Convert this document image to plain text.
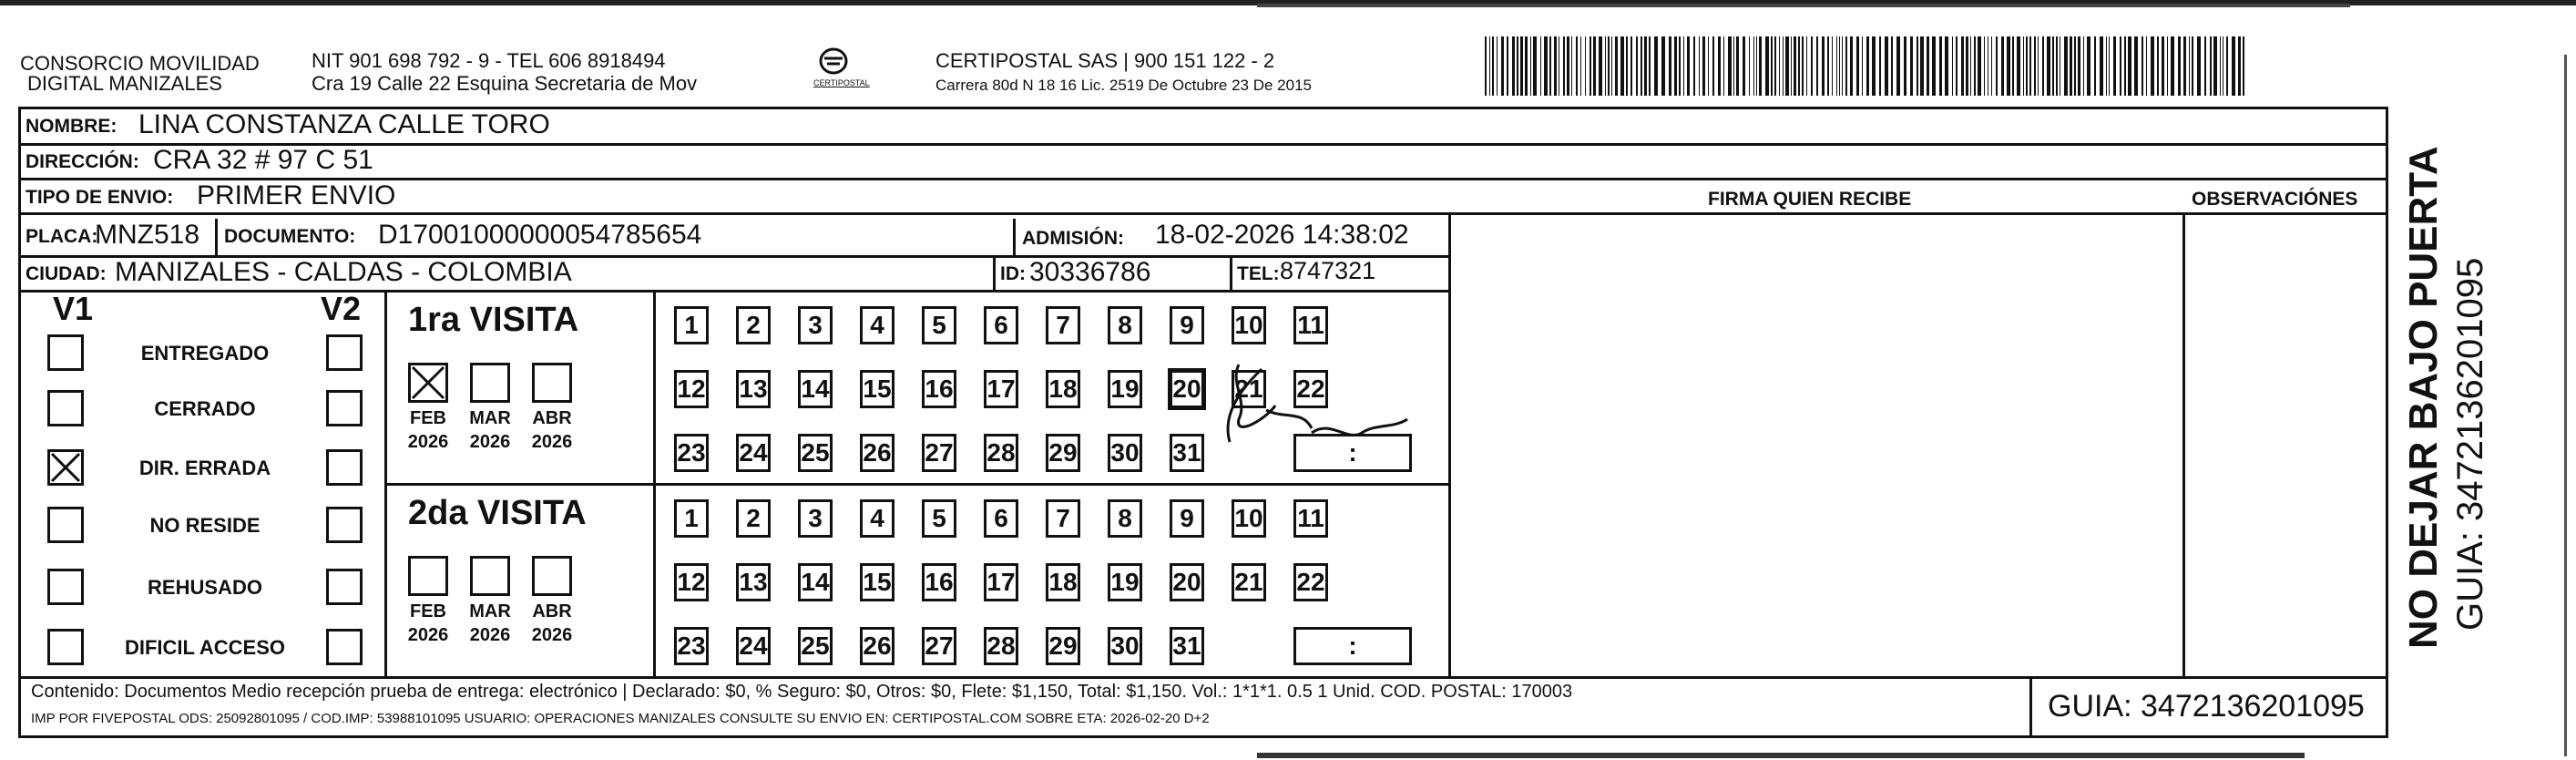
CONSORCIO MOVILIDAD
DIGITAL MANIZALES
NIT 901 698 792 - 9 - TEL 606 8918494
Cra 19 Calle 22 Esquina Secretaria de Mov	CERTIPOSTAL
CERTIPOSTAL SAS | 900 151 122 - 2
Carrera 80d N 18 16 Lic. 2519 De Octubre 23 De 2015
NOMBRE: LINA CONSTANZA CALLE TORO
DIRECCIÓN: CRA 32 # 97 C 51
TIPO DE ENVIO: PRIMER ENVIO	FIRMA QUIEN RECIBE	OBSERVACIÓNES
PLACA:
MNZ518 DOCUMENTO: D17001000000054785654	ADMISIÓN: 18-02-2026 14:38:02
CIUDAD: MANIZALES - CALDAS - COLOMBIA	ID: 30336786	TEL: 8747321
V1	V2
ENTREGADO
CERRADO
DIR. ERRADA
NO RESIDE
REHUSADO
DIFICIL ACCESO
1ra VISITA
FEB
2026
MAR
2026
ABR
2026
1	2	3	4	5	6	7	8	9	10 11
12 13 14 15 16 17 18 19 20 21 22
23 24 25 26 27 28 29 30 31	:
2da VISITA
FEB
2026
MAR
2026
ABR
2026
1	2	3	4	5	6	7	8	9	10 11
12 13 14 15 16 17 18 19 20 21 22
23 24 25 26 27 28 29 30 31	:	NO DEJAR BAJO PUERTA GUIA: 3472136201095
Contenido: Documentos Medio recepción prueba de entrega: electrónico | Declarado: $0, % Seguro: $0, Otros: $0, Flete: $1,150, Total: $1,150. Vol.: 1*1*1. 0.5 1 Unid. COD. POSTAL: 170003
IMP POR FIVEPOSTAL ODS: 25092801095 / COD.IMP: 53988101095 USUARIO: OPERACIONES MANIZALES CONSULTE SU ENVIO EN: CERTIPOSTAL.COM SOBRE ETA: 2026-02-20 D+2	GUIA: 3472136201095
